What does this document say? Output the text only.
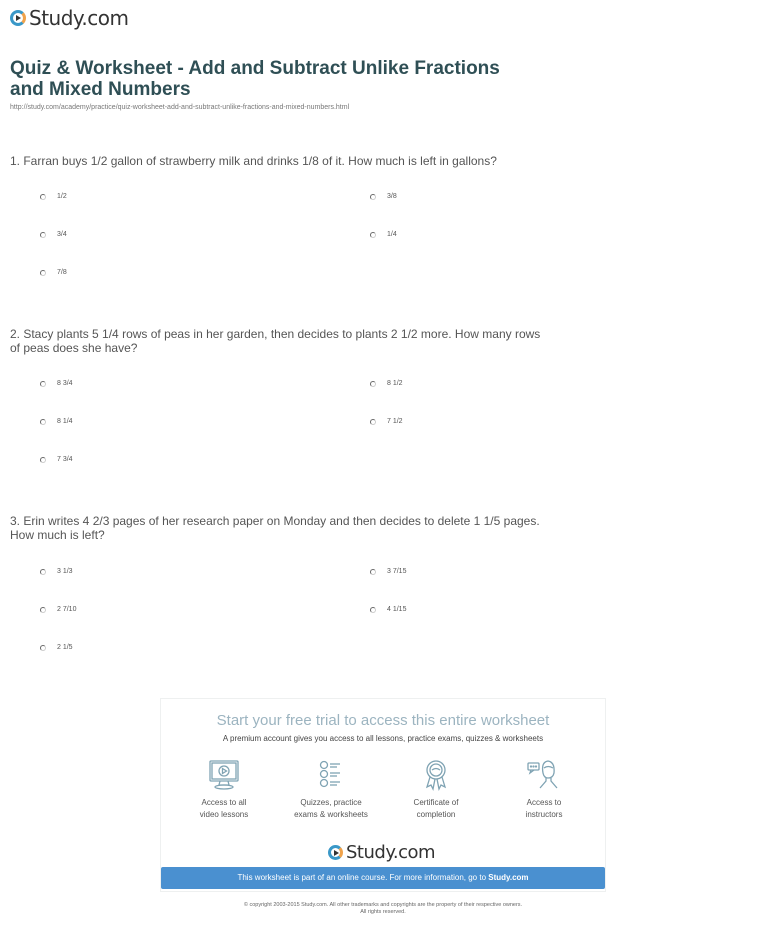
Study.com
Quiz & Worksheet - Add and Subtract Unlike Fractions
and Mixed Numbers
http://study.com/academy/practice/quiz-worksheet-add-and-subtract-unlike-fractions-and-mixed-numbers.html
1. Farran buys 1/2 gallon of strawberry milk and drinks 1/8 of it. How much is left in gallons?
1/2	3/8
3/4	1/4
7/8
2. Stacy plants 5 1/4 rows of peas in her garden, then decides to plants 2 1/2 more. How many rows
of peas does she have?
8 3/4	8 1/2
8 1/4	7 1/2
7 3/4
3. Erin writes 4 2/3 pages of her research paper on Monday and then decides to delete 1 1/5 pages.
How much is left?
3 1/3	3 7/15
2 7/10	4 1/15
2 1/5
Start your free trial to access this entire worksheet
A premium account gives you access to all lessons, practice exams, quizzes & worksheets
Access to all
video lessons
Quizzes, practice
exams & worksheets
Certificate of
completion
Access to
instructors
Study.com
This worksheet is part of an online course. For more information, go to Study.com
© copyright 2003-2015 Study.com. All other trademarks and copyrights are the property of their respective owners.
All rights reserved.
